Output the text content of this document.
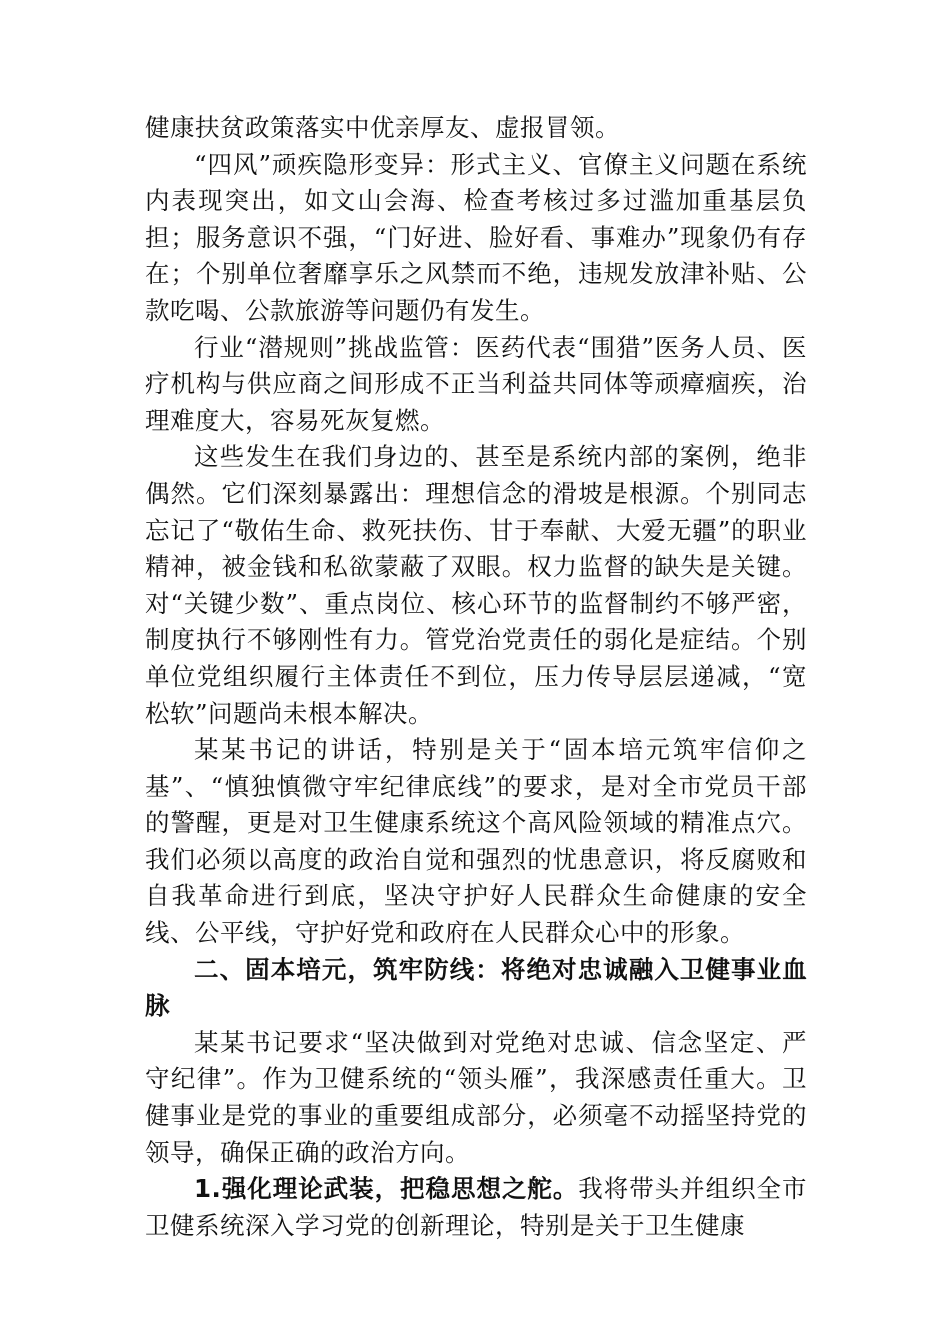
健康扶贫政策落实中优亲厚友、虚报冒领。

“四风”顽疾隐形变异：形式主义、官僚主义问题在系统内表现突出，如文山会海、检查考核过多过滥加重基层负担；服务意识不强，“门好进、脸好看、事难办”现象仍有存在；个别单位奢靡享乐之风禁而不绝，违规发放津补贴、公款吃喝、公款旅游等问题仍有发生。

行业“潜规则”挑战监管：医药代表“围猎”医务人员、医疗机构与供应商之间形成不正当利益共同体等顽瘴痼疾，治理难度大，容易死灰复燃。

这些发生在我们身边的、甚至是系统内部的案例，绝非偶然。它们深刻暴露出：理想信念的滑坡是根源。个别同志忘记了“敬佑生命、救死扶伤、甘于奉献、大爱无疆”的职业精神，被金钱和私欲蒙蔽了双眼。权力监督的缺失是关键。对“关键少数”、重点岗位、核心环节的监督制约不够严密，制度执行不够刚性有力。管党治党责任的弱化是症结。个别单位党组织履行主体责任不到位，压力传导层层递减，“宽松软”问题尚未根本解决。

某某书记的讲话，特别是关于“固本培元筑牢信仰之基”、“慎独慎微守牢纪律底线”的要求，是对全市党员干部的警醒，更是对卫生健康系统这个高风险领域的精准点穴。我们必须以高度的政治自觉和强烈的忧患意识，将反腐败和自我革命进行到底，坚决守护好人民群众生命健康的安全线、公平线，守护好党和政府在人民群众心中的形象。

二、固本培元，筑牢防线：将绝对忠诚融入卫健事业血脉

某某书记要求“坚决做到对党绝对忠诚、信念坚定、严守纪律”。作为卫健系统的“领头雁”，我深感责任重大。卫健事业是党的事业的重要组成部分，必须毫不动摇坚持党的领导，确保正确的政治方向。

1.强化理论武装，把稳思想之舵。我将带头并组织全市卫健系统深入学习党的创新理论，特别是关于卫生健康
